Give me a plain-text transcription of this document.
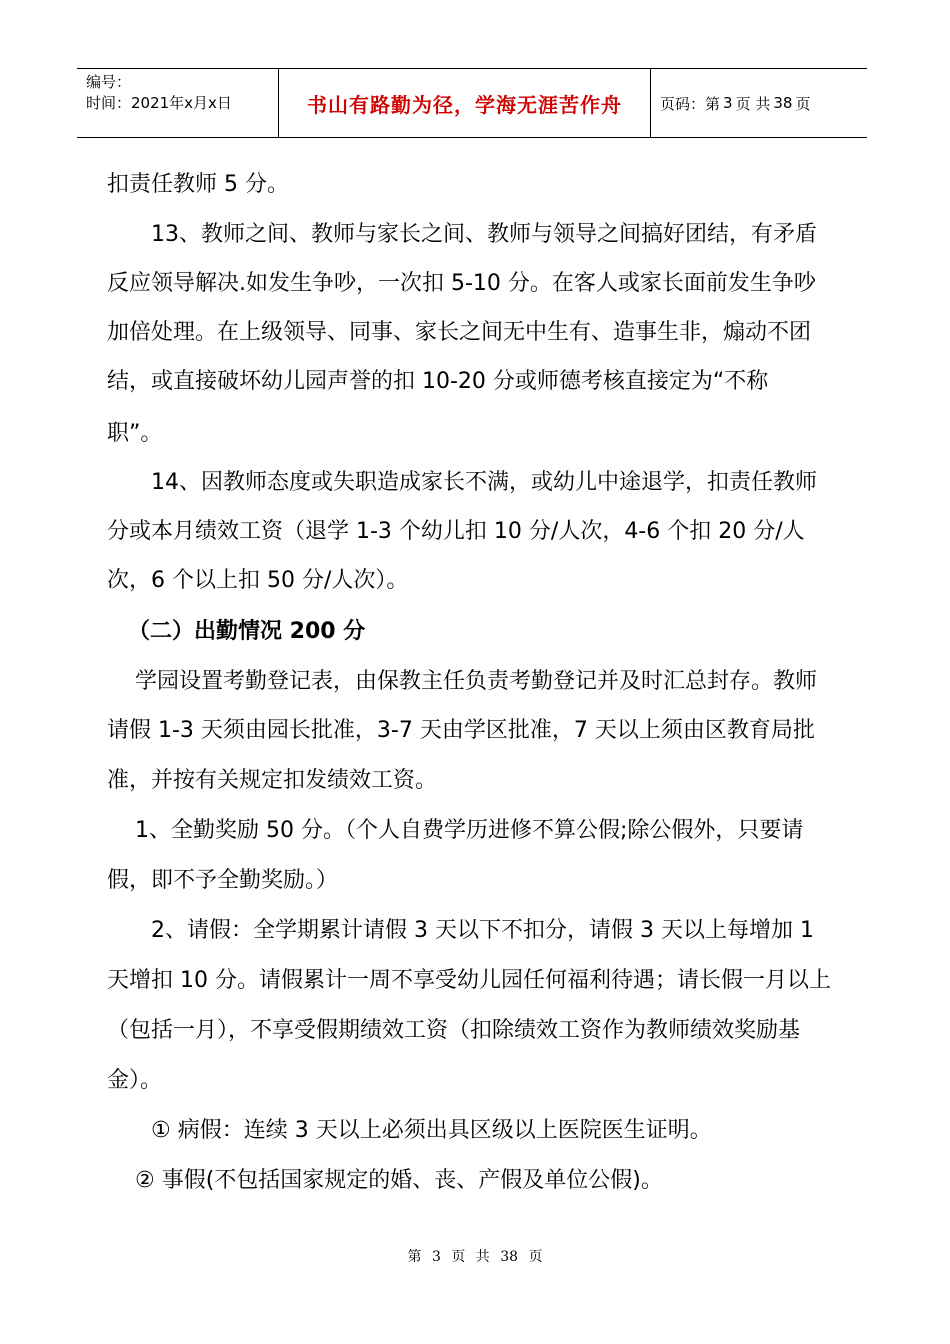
编号：
时间：2021年x月x日	书山有路勤为径，学海无涯苦作舟	页码：第 3 页 共 38 页
扣责任教师 5 分。
13、教师之间、教师与家长之间、教师与领导之间搞好团结，有矛盾
反应领导解决.如发生争吵，一次扣 5-10 分。在客人或家长面前发生争吵
加倍处理。在上级领导、同事、家长之间无中生有、造事生非，煽动不团
结，或直接破坏幼儿园声誉的扣 10-20 分或师德考核直接定为“不称
职”。
14、因教师态度或失职造成家长不满，或幼儿中途退学，扣责任教师
分或本月绩效工资（退学 1-3 个幼儿扣 10 分/人次，4-6 个扣 20 分/人
次，6 个以上扣 50 分/人次）。
（二）出勤情况 200 分
学园设置考勤登记表，由保教主任负责考勤登记并及时汇总封存。教师
请假 1-3 天须由园长批准，3-7 天由学区批准，7 天以上须由区教育局批
准，并按有关规定扣发绩效工资。
1、全勤奖励 50 分。（个人自费学历进修不算公假;除公假外，只要请
假，即不予全勤奖励。）
2、请假：全学期累计请假 3 天以下不扣分，请假 3 天以上每增加 1
天增扣 10 分。请假累计一周不享受幼儿园任何福利待遇；请长假一月以上
（包括一月），不享受假期绩效工资（扣除绩效工资作为教师绩效奖励基
金）。
① 病假：连续 3 天以上必须出具区级以上医院医生证明。
② 事假(不包括国家规定的婚、丧、产假及单位公假)。
第 3 页 共 38 页
